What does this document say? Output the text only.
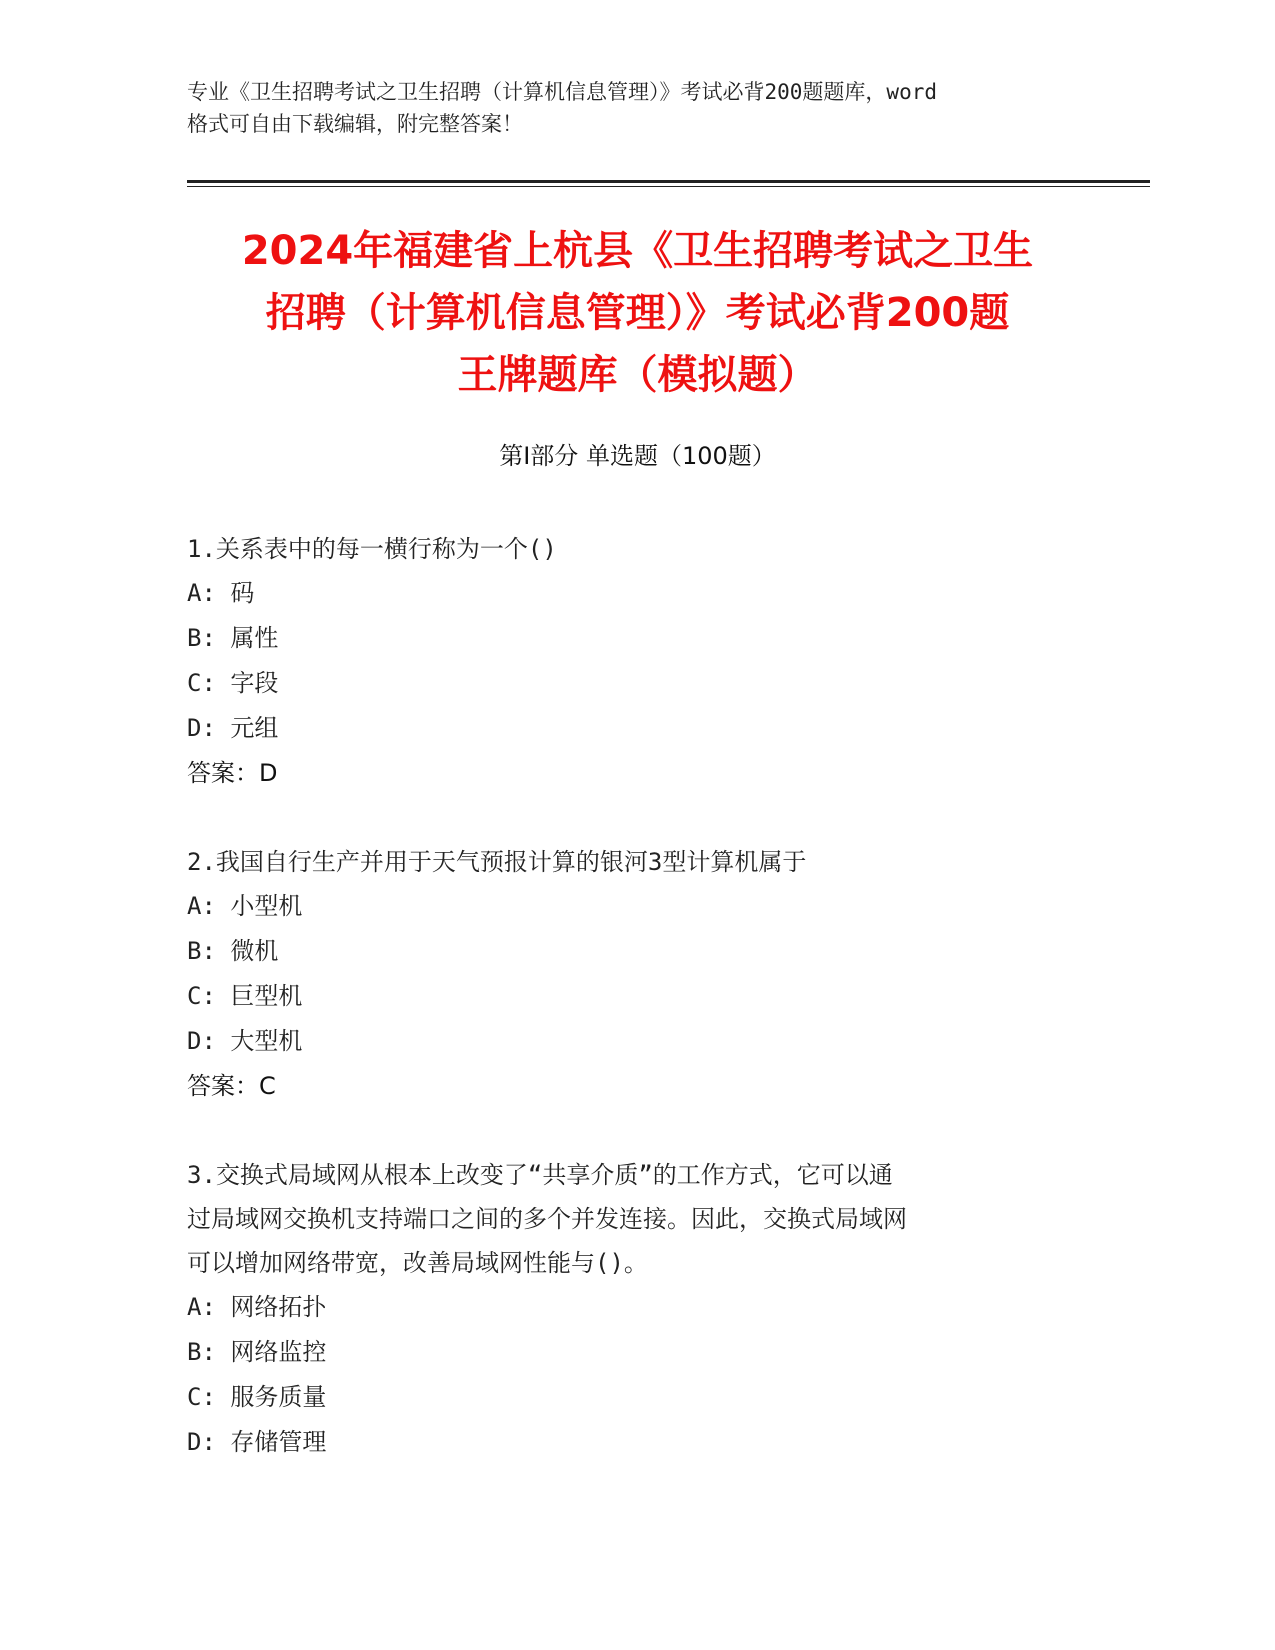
专业《卫生招聘考试之卫生招聘（计算机信息管理）》考试必背200题题库，word
格式可自由下载编辑，附完整答案！
2024年福建省上杭县《卫生招聘考试之卫生
招聘（计算机信息管理）》考试必背200题
王牌题库（模拟题）
第I部分 单选题（100题）
1.关系表中的每一横行称为一个()
A: 码
B: 属性
C: 字段
D: 元组
答案：D
2.我国自行生产并用于天气预报计算的银河3型计算机属于
A: 小型机
B: 微机
C: 巨型机
D: 大型机
答案：C
3.交换式局域网从根本上改变了“共享介质”的工作方式，它可以通
过局域网交换机支持端口之间的多个并发连接。因此，交换式局域网
可以增加网络带宽，改善局域网性能与()。
A: 网络拓扑
B: 网络监控
C: 服务质量
D: 存储管理
